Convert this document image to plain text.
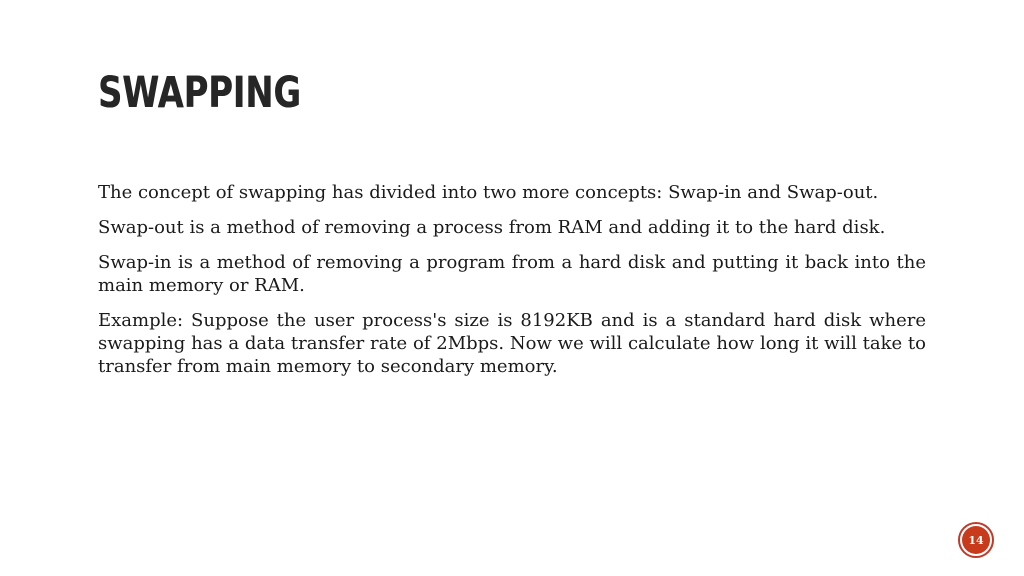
SWAPPING

The concept of swapping has divided into two more concepts: Swap-in and Swap-out.

Swap-out is a method of removing a process from RAM and adding it to the hard disk.

Swap-in is a method of removing a program from a hard disk and putting it back into the main memory or RAM.

Example: Suppose the user process's size is 8192KB and is a standard hard disk where swapping has a data transfer rate of 2Mbps. Now we will calculate how long it will take to transfer from main memory to secondary memory.

14
